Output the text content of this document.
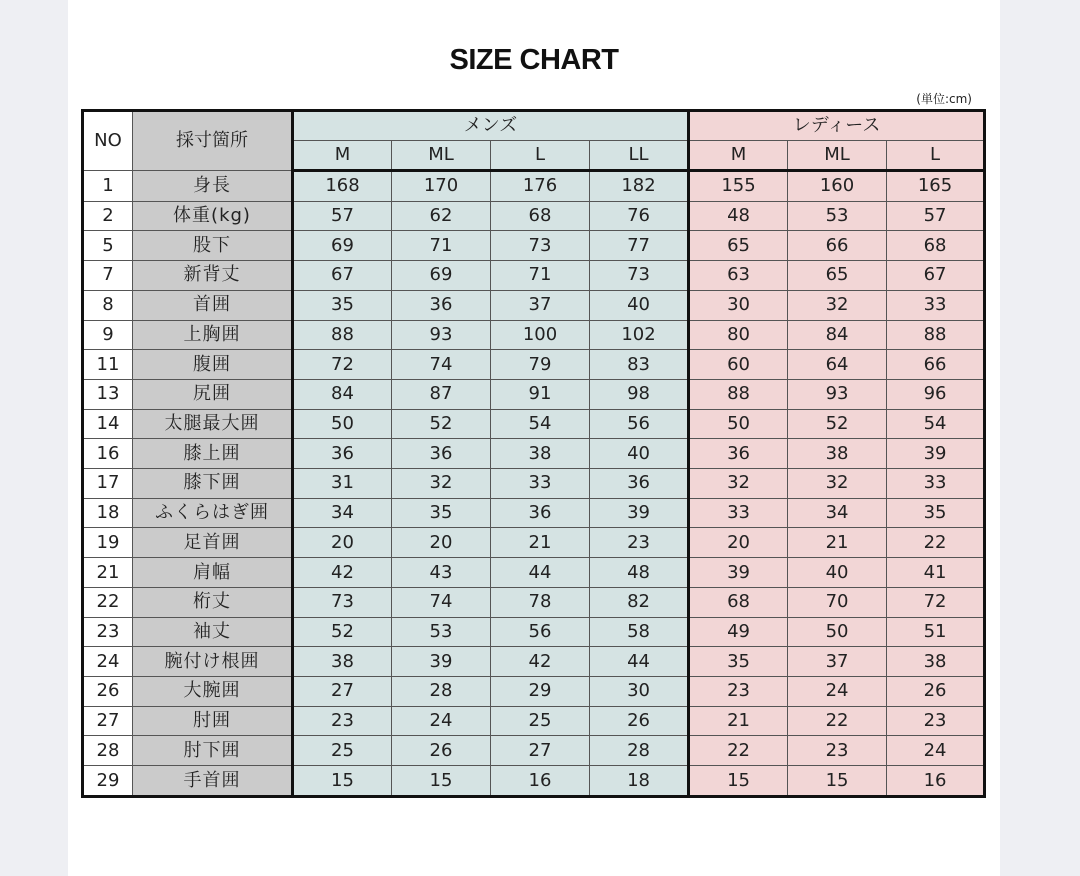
SIZE CHART
(単位:cm)
NO	採寸箇所	メンズ				レディース		
		M	ML	L	LL	M	ML	L
1	身長	168	170	176	182	155	160	165
2	体重(kg)	57	62	68	76	48	53	57
5	股下	69	71	73	77	65	66	68
7	新背丈	67	69	71	73	63	65	67
8	首囲	35	36	37	40	30	32	33
9	上胸囲	88	93	100	102	80	84	88
11	腹囲	72	74	79	83	60	64	66
13	尻囲	84	87	91	98	88	93	96
14	太腿最大囲	50	52	54	56	50	52	54
16	膝上囲	36	36	38	40	36	38	39
17	膝下囲	31	32	33	36	32	32	33
18	ふくらはぎ囲	34	35	36	39	33	34	35
19	足首囲	20	20	21	23	20	21	22
21	肩幅	42	43	44	48	39	40	41
22	桁丈	73	74	78	82	68	70	72
23	袖丈	52	53	56	58	49	50	51
24	腕付け根囲	38	39	42	44	35	37	38
26	大腕囲	27	28	29	30	23	24	26
27	肘囲	23	24	25	26	21	22	23
28	肘下囲	25	26	27	28	22	23	24
29	手首囲	15	15	16	18	15	15	16
